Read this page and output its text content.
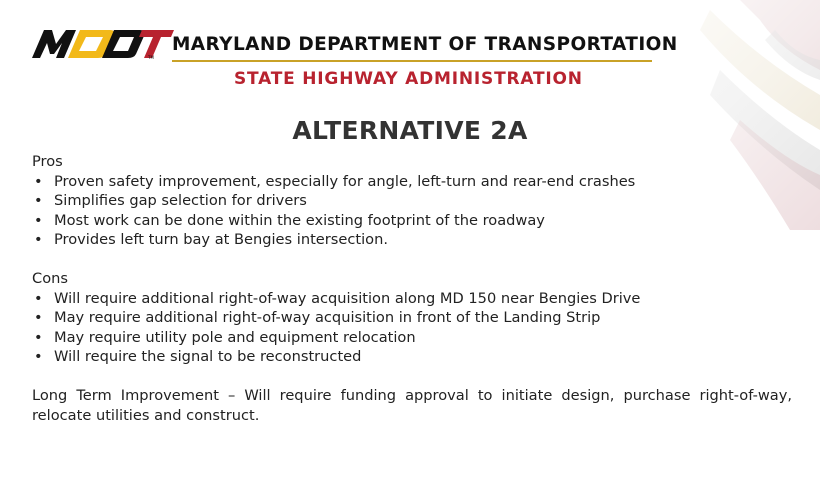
TM
MARYLAND DEPARTMENT OF TRANSPORTATION
STATE HIGHWAY ADMINISTRATION
ALTERNATIVE 2A
Pros
• Proven safety improvement, especially for angle, left-turn and rear-end crashes
• Simplifies gap selection for drivers
• Most work can be done within the existing footprint of the roadway
• Provides left turn bay at Bengies intersection.
Cons
• Will require additional right-of-way acquisition along MD 150 near Bengies Drive
• May require additional right-of-way acquisition in front of the Landing Strip
• May require utility pole and equipment relocation
• Will require the signal to be reconstructed

Long Term Improvement – Will require funding approval to initiate design, purchase right-of-way, relocate utilities and construct.
